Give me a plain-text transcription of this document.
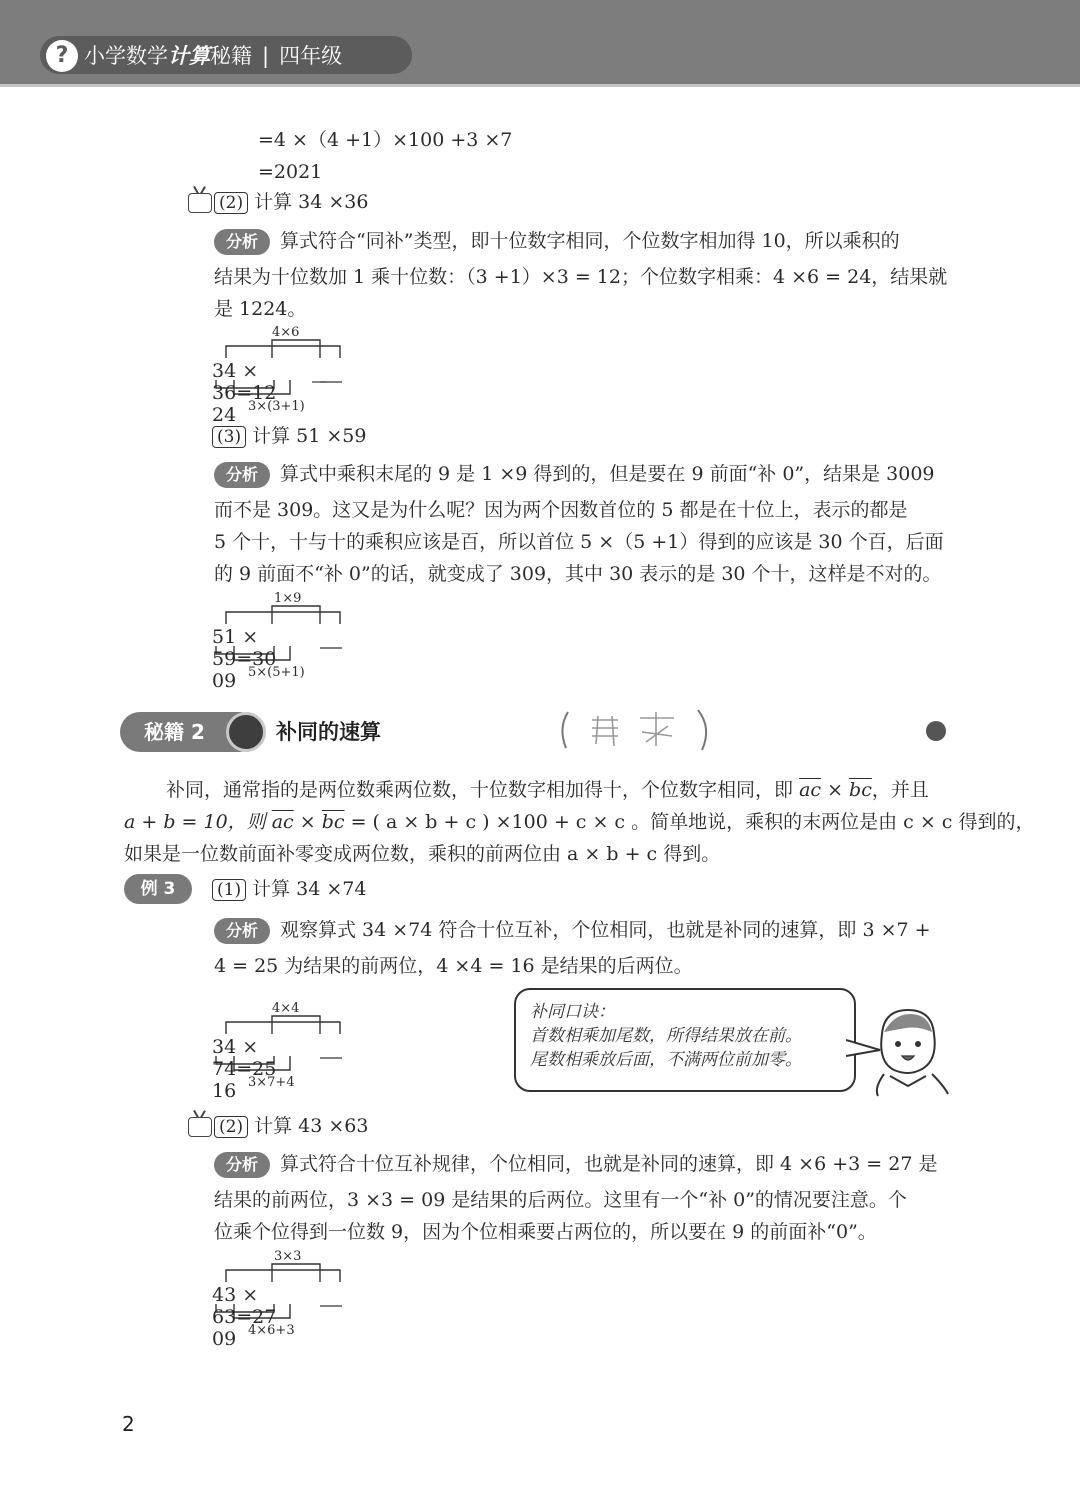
? 小学数学计算秘籍 | 四年级
=4 ×（4 +1）×100 +3 ×7
=2021
(2) 计算 34 ×36
分析 算式符合“同补”类型，即十位数字相同，个位数字相加得 10，所以乘积的
结果为十位数加 1 乘十位数：（3 +1）×3 = 12；个位数字相乘：4 ×6 = 24，结果就
是 1224。
4×6
34 × 36=12 24 3×(3+1)
(3) 计算 51 ×59
分析 算式中乘积末尾的 9 是 1 ×9 得到的，但是要在 9 前面“补 0”，结果是 3009
而不是 309。这又是为什么呢？因为两个因数首位的 5 都是在十位上，表示的都是
5 个十，十与十的乘积应该是百，所以首位 5 ×（5 +1）得到的应该是 30 个百，后面
的 9 前面不“补 0”的话，就变成了 309，其中 30 表示的是 30 个十，这样是不对的。
1×9
51 × 59=30 09 5×(5+1)
秘籍 2	补同的速算
补同，通常指的是两位数乘两位数，十位数字相加得十，个位数字相同，即 $\overline{ac} \times \overline{bc}$，并且
a + b = 10，则 $\overline{ac} \times \overline{bc}$ = ( a × b + c ) ×100 + c × c 。简单地说，乘积的末两位是由 c × c 得到的，
如果是一位数前面补零变成两位数，乘积的前两位由 a × b + c 得到。
例 3	(1) 计算 34 ×74
分析 观察算式 34 ×74 符合十位互补，个位相同，也就是补同的速算，即 3 ×7 +
4 = 25 为结果的前两位，4 ×4 = 16 是结果的后两位。
4×4
34 × 74=25 16 3×7+4
补同口诀：
首数相乘加尾数，所得结果放在前。
尾数相乘放后面，不满两位前加零。
(2) 计算 43 ×63
分析 算式符合十位互补规律，个位相同，也就是补同的速算，即 4 ×6 +3 = 27 是
结果的前两位，3 ×3 = 09 是结果的后两位。这里有一个“补 0”的情况要注意。个
位乘个位得到一位数 9，因为个位相乘要占两位的，所以要在 9 的前面补“0”。
3×3
43 × 63=27 09 4×6+3
2
